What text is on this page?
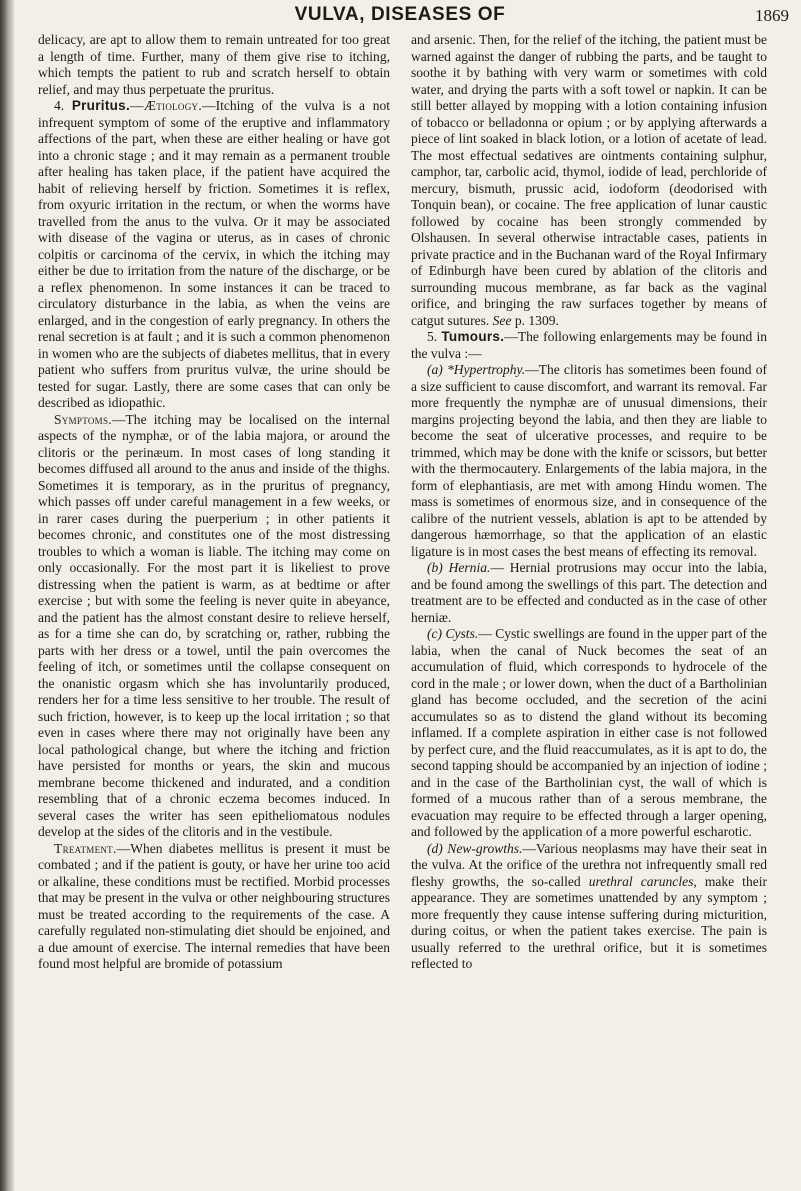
VULVA, DISEASES OF	1869

delicacy, are apt to allow them to remain untreated for too great a length of time. Further, many of them give rise to itching, which tempts the patient to rub and scratch herself to obtain relief, and may thus perpetuate the pruritus.

4. Pruritus.—Ætiology.—Itching of the vulva is a not infrequent symptom of some of the eruptive and inflammatory affections of the part, when these are either healing or have got into a chronic stage ; and it may remain as a permanent trouble after healing has taken place, if the patient have acquired the habit of relieving herself by friction. Sometimes it is reflex, from oxyuric irritation in the rectum, or when the worms have travelled from the anus to the vulva. Or it may be associated with disease of the vagina or uterus, as in cases of chronic colpitis or carcinoma of the cervix, in which the itching may either be due to irritation from the nature of the discharge, or be a reflex phenomenon. In some instances it can be traced to circulatory disturbance in the labia, as when the veins are enlarged, and in the congestion of early pregnancy. In others the renal secretion is at fault ; and it is such a common phenomenon in women who are the subjects of diabetes mellitus, that in every patient who suffers from pruritus vulvæ, the urine should be tested for sugar. Lastly, there are some cases that can only be described as idiopathic.

Symptoms.—The itching may be localised on the internal aspects of the nymphæ, or of the labia majora, or around the clitoris or the perinæum. In most cases of long standing it becomes diffused all around to the anus and inside of the thighs. Sometimes it is temporary, as in the pruritus of pregnancy, which passes off under careful management in a few weeks, or in rarer cases during the puerperium ; in other patients it becomes chronic, and constitutes one of the most distressing troubles to which a woman is liable. The itching may come on only occasionally. For the most part it is likeliest to prove distressing when the patient is warm, as at bedtime or after exercise ; but with some the feeling is never quite in abeyance, and the patient has the almost constant desire to relieve herself, as for a time she can do, by scratching or, rather, rubbing the parts with her dress or a towel, until the pain overcomes the feeling of itch, or sometimes until the collapse consequent on the onanistic orgasm which she has involuntarily produced, renders her for a time less sensitive to her trouble. The result of such friction, however, is to keep up the local irritation ; so that even in cases where there may not originally have been any local pathological change, but where the itching and friction have persisted for months or years, the skin and mucous membrane become thickened and indurated, and a condition resembling that of a chronic eczema becomes induced. In several cases the writer has seen epitheliomatous nodules develop at the sides of the clitoris and in the vestibule.

Treatment.—When diabetes mellitus is present it must be combated ; and if the patient is gouty, or have her urine too acid or alkaline, these conditions must be rectified. Morbid processes that may be present in the vulva or other neighbouring structures must be treated according to the requirements of the case. A carefully regulated non-stimulating diet should be enjoined, and a due amount of exercise. The internal remedies that have been found most helpful are bromide of potassium

and arsenic. Then, for the relief of the itching, the patient must be warned against the danger of rubbing the parts, and be taught to soothe it by bathing with very warm or sometimes with cold water, and drying the parts with a soft towel or napkin. It can be still better allayed by mopping with a lotion containing infusion of tobacco or belladonna or opium ; or by applying afterwards a piece of lint soaked in black lotion, or a lotion of acetate of lead. The most effectual sedatives are ointments containing sulphur, camphor, tar, carbolic acid, thymol, iodide of lead, perchloride of mercury, bismuth, prussic acid, iodoform (deodorised with Tonquin bean), or cocaine. The free application of lunar caustic followed by cocaine has been strongly commended by Olshausen. In several otherwise intractable cases, patients in private practice and in the Buchanan ward of the Royal Infirmary of Edinburgh have been cured by ablation of the clitoris and surrounding mucous membrane, as far back as the vaginal orifice, and bringing the raw surfaces together by means of catgut sutures. See p. 1309.

5. Tumours.—The following enlargements may be found in the vulva :—

(a) *Hypertrophy.—The clitoris has sometimes been found of a size sufficient to cause discomfort, and warrant its removal. Far more frequently the nymphæ are of unusual dimensions, their margins projecting beyond the labia, and then they are liable to become the seat of ulcerative processes, and require to be trimmed, which may be done with the knife or scissors, but better with the thermocautery. Enlargements of the labia majora, in the form of elephantiasis, are met with among Hindu women. The mass is sometimes of enormous size, and in consequence of the calibre of the nutrient vessels, ablation is apt to be attended by dangerous hæmorrhage, so that the application of an elastic ligature is in most cases the best means of effecting its removal.

(b) Hernia.— Hernial protrusions may occur into the labia, and be found among the swellings of this part. The detection and treatment are to be effected and conducted as in the case of other herniæ.

(c) Cysts.— Cystic swellings are found in the upper part of the labia, when the canal of Nuck becomes the seat of an accumulation of fluid, which corresponds to hydrocele of the cord in the male ; or lower down, when the duct of a Bartholinian gland has become occluded, and the secretion of the acini accumulates so as to distend the gland without its becoming inflamed. If a complete aspiration in either case is not followed by perfect cure, and the fluid reaccumulates, as it is apt to do, the second tapping should be accompanied by an injection of iodine ; and in the case of the Bartholinian cyst, the wall of which is formed of a mucous rather than of a serous membrane, the evacuation may require to be effected through a larger opening, and followed by the application of a more powerful escharotic.

(d) New-growths.—Various neoplasms may have their seat in the vulva. At the orifice of the urethra not infrequently small red fleshy growths, the so-called urethral caruncles, make their appearance. They are sometimes unattended by any symptom ; more frequently they cause intense suffering during micturition, during coitus, or when the patient takes exercise. The pain is usually referred to the urethral orifice, but it is sometimes reflected to
